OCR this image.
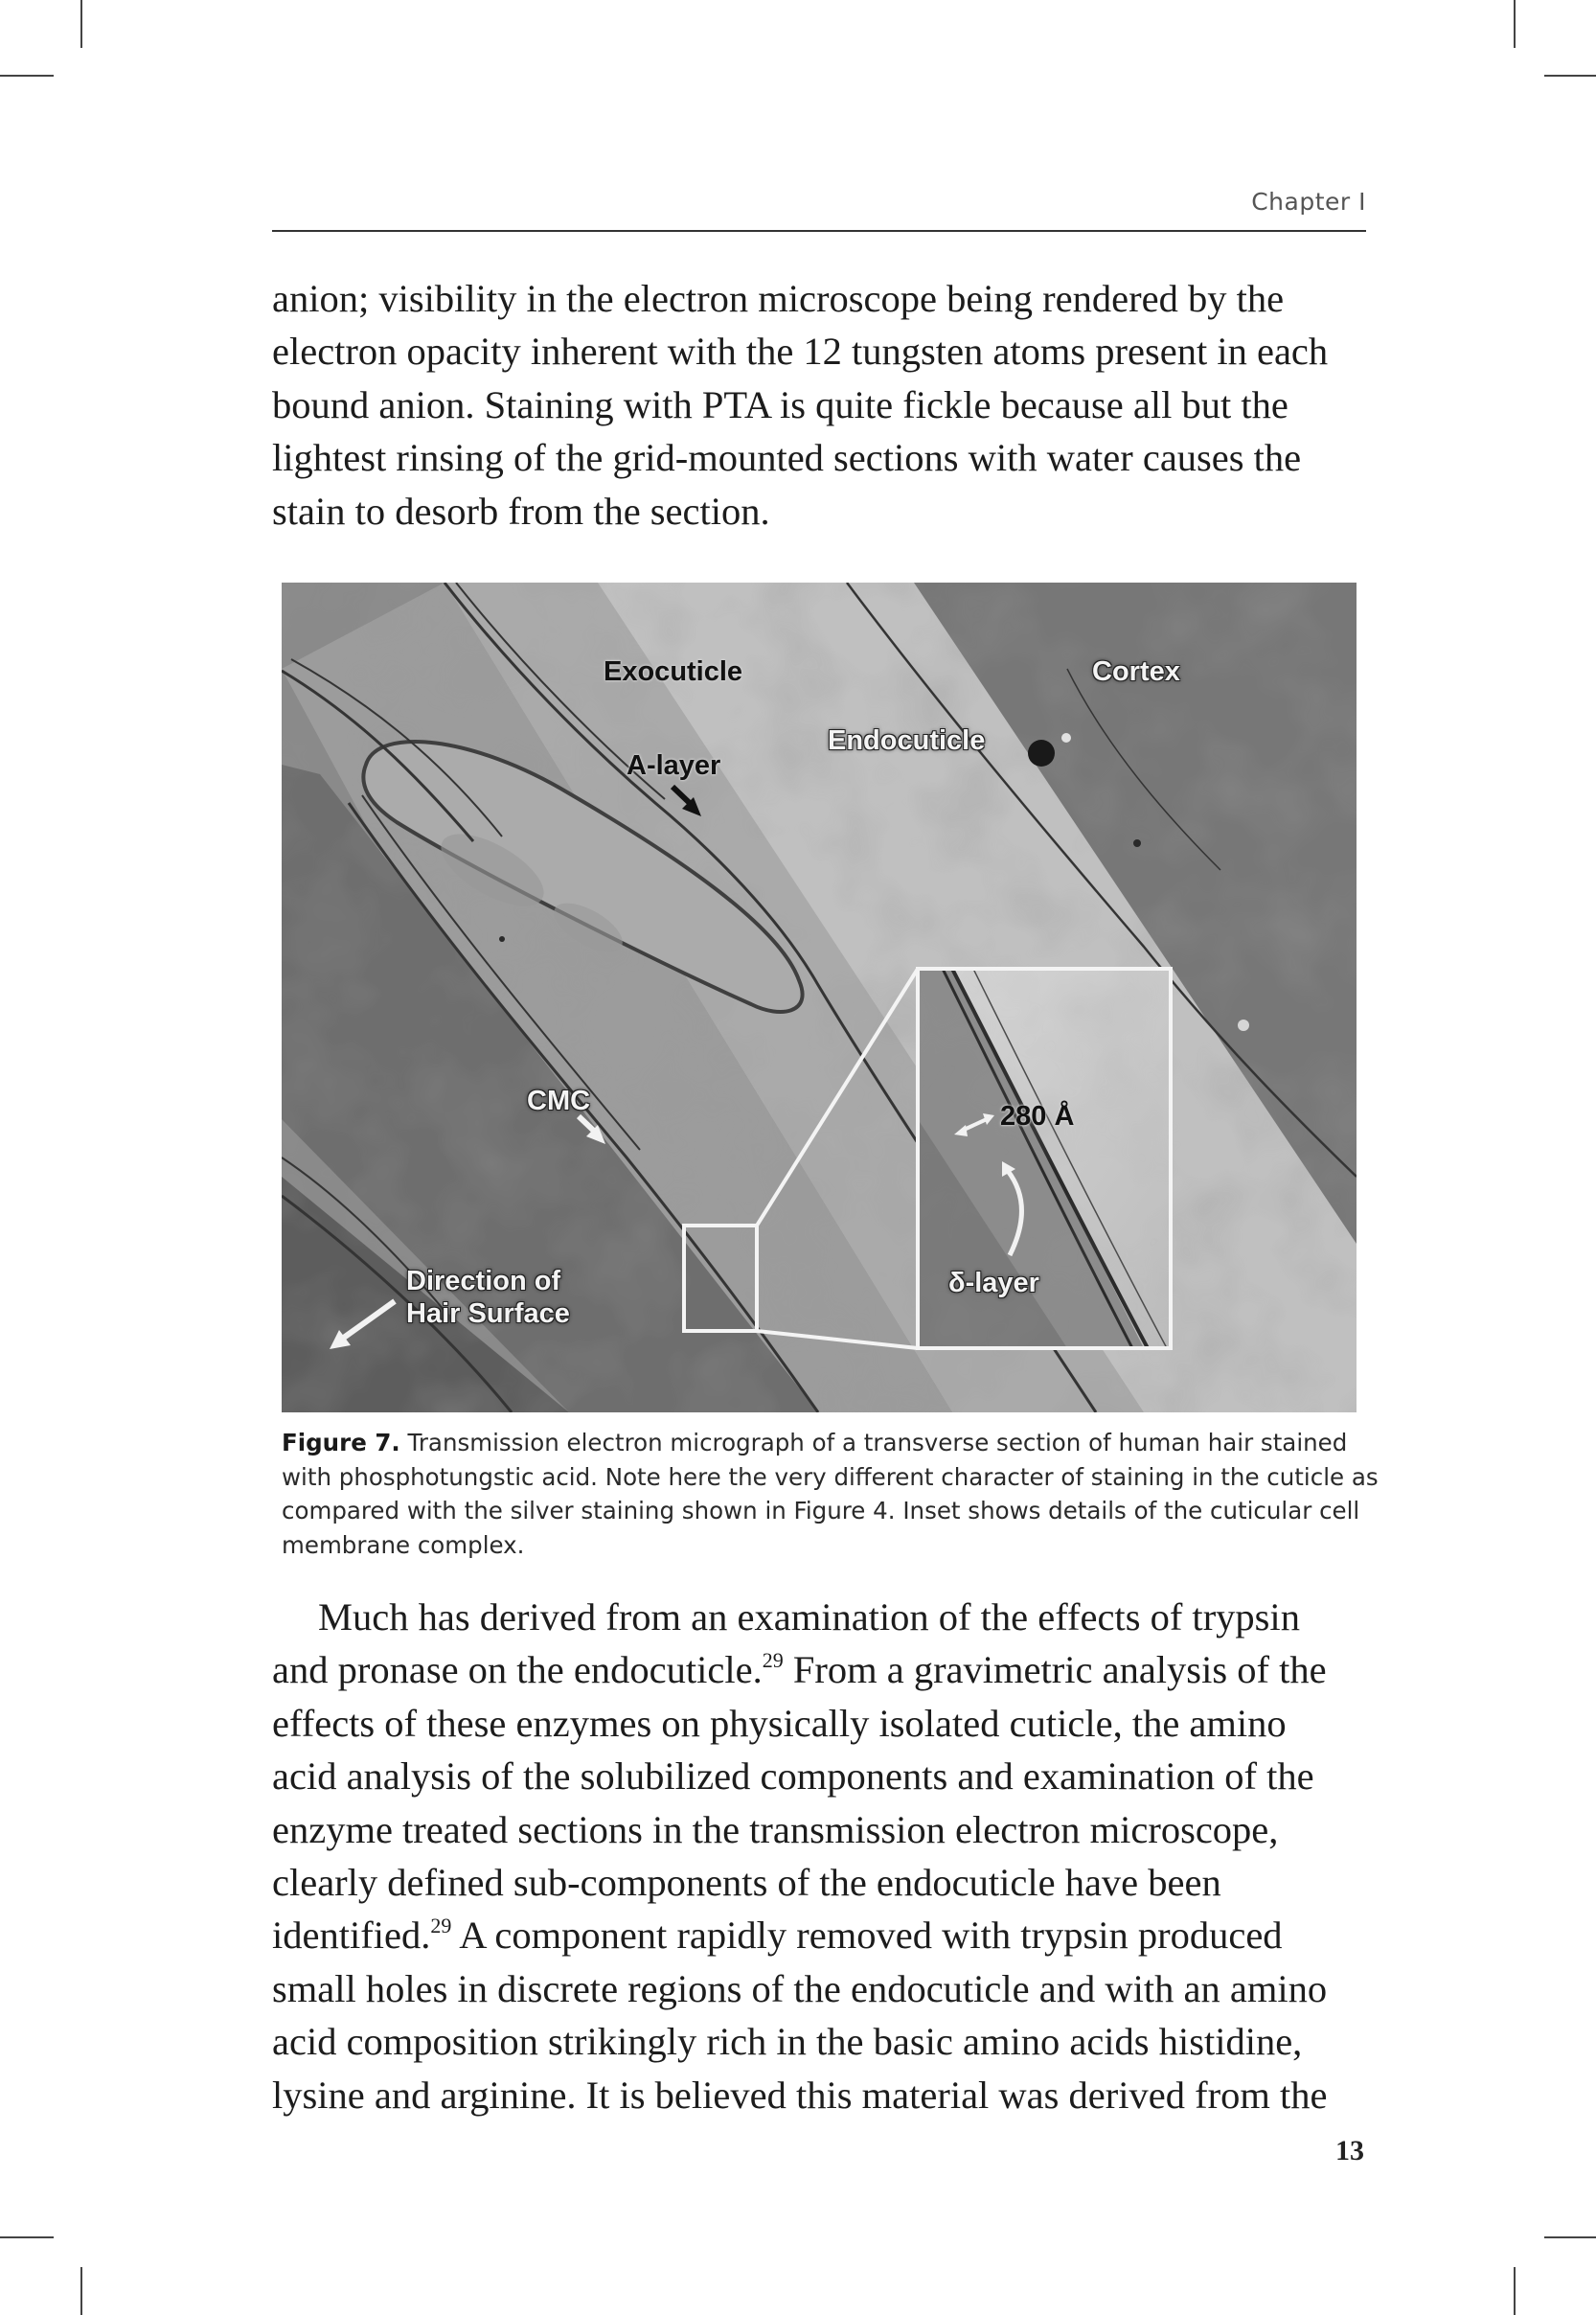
Chapter I
anion; visibility in the electron microscope being rendered by the
electron opacity inherent with the 12 tungsten atoms present in each
bound anion. Staining with PTA is quite fickle because all but the
lightest rinsing of the grid-mounted sections with water causes the
stain to desorb from the section.
Exocuticle	Cortex
Endocuticle
A-layer
CMC
Direction of
Hair Surface
280 Å
δ-layer
Figure 7. Transmission electron micrograph of a transverse section of human hair stained
with phosphotungstic acid. Note here the very different character of staining in the cuticle as
compared with the silver staining shown in Figure 4. Inset shows details of the cuticular cell
membrane complex.
Much has derived from an examination of the effects of trypsin
and pronase on the endocuticle.$^{29}$ From a gravimetric analysis of the
effects of these enzymes on physically isolated cuticle, the amino
acid analysis of the solubilized components and examination of the
enzyme treated sections in the transmission electron microscope,
clearly defined sub-components of the endocuticle have been
identified.$^{29}$ A component rapidly removed with trypsin produced
small holes in discrete regions of the endocuticle and with an amino
acid composition strikingly rich in the basic amino acids histidine,
lysine and arginine. It is believed this material was derived from the
13
